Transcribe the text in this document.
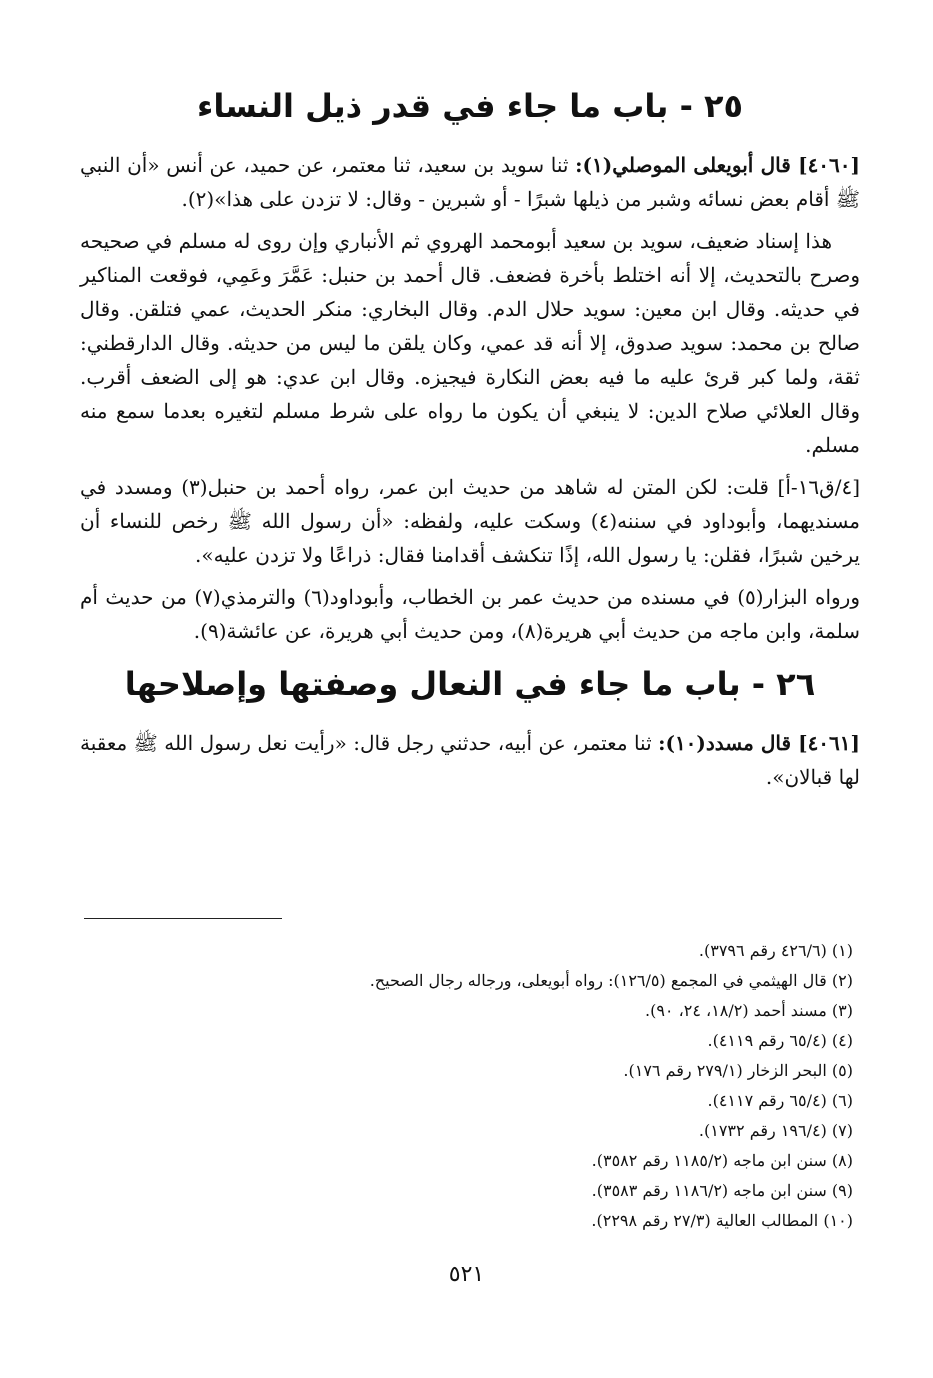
٢٥ - باب ما جاء في قدر ذيل النساء

[٤٠٦٠] قال أبويعلى الموصلي(١): ثنا سويد بن سعيد، ثنا معتمر، عن حميد، عن أنس «أن النبي ﷺ أقام بعض نسائه وشبر من ذيلها شبرًا - أو شبرين - وقال: لا تزدن على هذا»(٢).

هذا إسناد ضعيف، سويد بن سعيد أبومحمد الهروي ثم الأنباري وإن روى له مسلم في صحيحه وصرح بالتحديث، إلا أنه اختلط بأخرة فضعف. قال أحمد بن حنبل: عَمَّرَ وعَمِي، فوقعت المناكير في حديثه. وقال ابن معين: سويد حلال الدم. وقال البخاري: منكر الحديث، عمي فتلقن. وقال صالح بن محمد: سويد صدوق، إلا أنه قد عمي، وكان يلقن ما ليس من حديثه. وقال الدارقطني: ثقة، ولما كبر قرئ عليه ما فيه بعض النكارة فيجيزه. وقال ابن عدي: هو إلى الضعف أقرب. وقال العلائي صلاح الدين: لا ينبغي أن يكون ما رواه على شرط مسلم لتغيره بعدما سمع منه مسلم.

[٤/ق١٦-أ] قلت: لكن المتن له شاهد من حديث ابن عمر، رواه أحمد بن حنبل(٣) ومسدد في مسنديهما، وأبوداود في سننه(٤) وسكت عليه، ولفظه: «أن رسول الله ﷺ رخص للنساء أن يرخين شبرًا، فقلن: يا رسول الله، إذًا تنكشف أقدامنا فقال: ذراعًا ولا تزدن عليه».

ورواه البزار(٥) في مسنده من حديث عمر بن الخطاب، وأبوداود(٦) والترمذي(٧) من حديث أم سلمة، وابن ماجه من حديث أبي هريرة(٨)، ومن حديث أبي هريرة، عن عائشة(٩).

٢٦ - باب ما جاء في النعال وصفتها وإصلاحها

[٤٠٦١] قال مسدد(١٠): ثنا معتمر، عن أبيه، حدثني رجل قال: «رأيت نعل رسول الله ﷺ معقبة لها قبالان».

(١) (٤٢٦/٦ رقم ٣٧٩٦).
(٢) قال الهيثمي في المجمع (١٢٦/٥): رواه أبويعلى، ورجاله رجال الصحيح.
(٣) مسند أحمد (١٨/٢، ٢٤، ٩٠).
(٤) (٦٥/٤ رقم ٤١١٩).
(٥) البحر الزخار (٢٧٩/١ رقم ١٧٦).
(٦) (٦٥/٤ رقم ٤١١٧).
(٧) (١٩٦/٤ رقم ١٧٣٢).
(٨) سنن ابن ماجه (١١٨٥/٢ رقم ٣٥٨٢).
(٩) سنن ابن ماجه (١١٨٦/٢ رقم ٣٥٨٣).
(١٠) المطالب العالية (٢٧/٣ رقم ٢٢٩٨).
٥٢١
